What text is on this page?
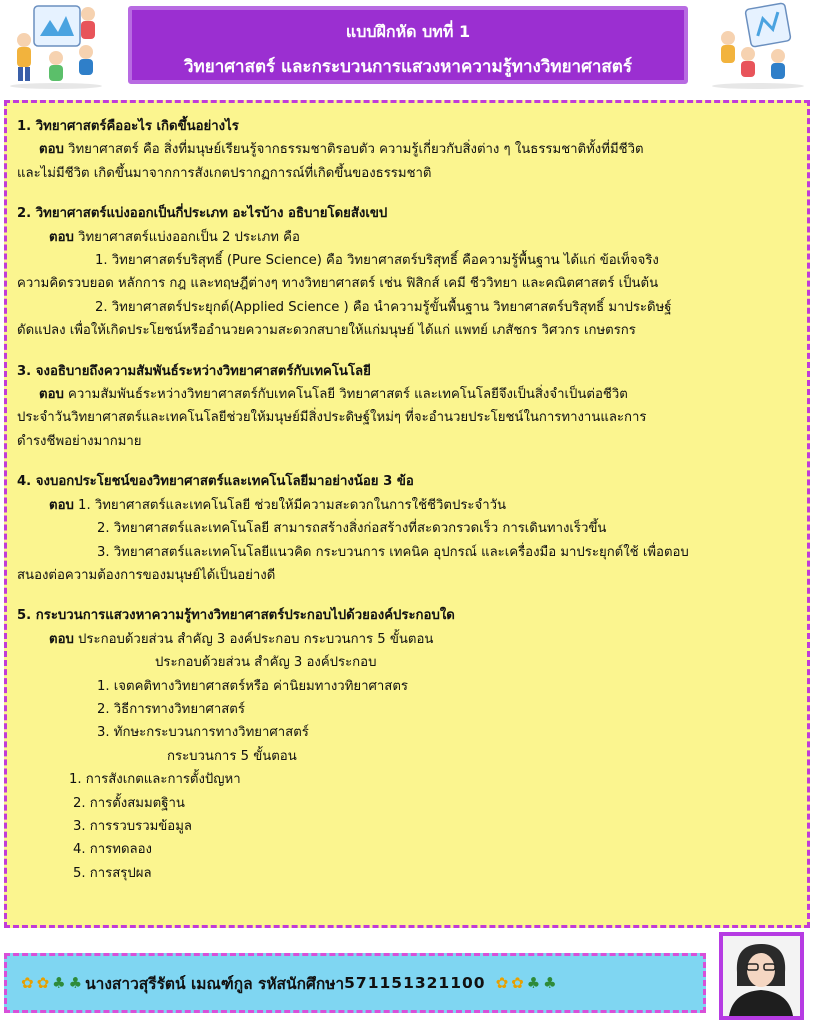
แบบฝึกหัด บทที่ 1
วิทยาศาสตร์ และกระบวนการแสวงหาความรู้ทางวิทยาศาสตร์
1. วิทยาศาสตร์คืออะไร เกิดขึ้นอย่างไร
ตอบ วิทยาศาสตร์ คือ สิ่งที่มนุษย์เรียนรู้จากธรรมชาติรอบตัว ความรู้เกี่ยวกับสิ่งต่าง ๆ ในธรรมชาติทั้งที่มีชีวิต
และไม่มีชีวิต เกิดขึ้นมาจากการสังเกตปรากฏการณ์ที่เกิดขึ้นของธรรมชาติ
2. วิทยาศาสตร์แบ่งออกเป็นกี่ประเภท อะไรบ้าง อธิบายโดยสังเขป
ตอบ วิทยาศาสตร์แบ่งออกเป็น 2 ประเภท คือ
1. วิทยาศาสตร์บริสุทธิ์ (Pure Science) คือ วิทยาศาสตร์บริสุทธิ์ คือความรู้พื้นฐาน ได้แก่ ข้อเท็จจริง
ความคิดรวบยอด หลักการ กฎ และทฤษฎีต่างๆ ทางวิทยาศาสตร์ เช่น ฟิสิกส์ เคมี ชีววิทยา และคณิตศาสตร์ เป็นต้น
2. วิทยาศาสตร์ประยุกต์(Applied Science ) คือ นำความรู้ขั้นพื้นฐาน วิทยาศาสตร์บริสุทธิ์ มาประดิษฐ์
ดัดแปลง เพื่อให้เกิดประโยชน์หรืออำนวยความสะดวกสบายให้แก่มนุษย์ ได้แก่ แพทย์ เภสัชกร วิศวกร เกษตรกร
3. จงอธิบายถึงความสัมพันธ์ระหว่างวิทยาศาสตร์กับเทคโนโลยี
ตอบ ความสัมพันธ์ระหว่างวิทยาศาสตร์กับเทคโนโลยี วิทยาศาสตร์ และเทคโนโลยีจึงเป็นสิ่งจำเป็นต่อชีวิต
ประจำวันวิทยาศาสตร์และเทคโนโลยีช่วยให้มนุษย์มีสิ่งประดิษฐ์ใหม่ๆ ที่จะอำนวยประโยชน์ในการทางานและการ
ดำรงชีพอย่างมากมาย
4. จงบอกประโยชน์ของวิทยาศาสตร์และเทคโนโลยีมาอย่างน้อย 3 ข้อ
ตอบ 1. วิทยาศาสตร์และเทคโนโลยี ช่วยให้มีความสะดวกในการใช้ชีวิตประจำวัน
2. วิทยาศาสตร์และเทคโนโลยี สามารถสร้างสิ่งก่อสร้างที่สะดวกรวดเร็ว การเดินทางเร็วขึ้น
3. วิทยาศาสตร์และเทคโนโลยีแนวคิด กระบวนการ เทคนิค อุปกรณ์ และเครื่องมือ มาประยุกต์ใช้ เพื่อตอบ
สนองต่อความต้องการของมนุษย์ได้เป็นอย่างดี
5. กระบวนการแสวงหาความรู้ทางวิทยาศาสตร์ประกอบไปด้วยองค์ประกอบใด
ตอบ ประกอบด้วยส่วน สำคัญ 3 องค์ประกอบ กระบวนการ 5 ขั้นตอน
ประกอบด้วยส่วน สำคัญ 3 องค์ประกอบ
1. เจตคติทางวิทยาศาสตร์หรือ ค่านิยมทางวทิยาศาสตร
2. วิธีการทางวิทยาศาสตร์
3. ทักษะกระบวนการทางวิทยาศาสตร์
กระบวนการ 5 ขั้นตอน
1. การสังเกตและการตั้งปัญหา
2. การตั้งสมมตฐิาน
3. การรวบรวมข้อมูล
4. การทดลอง
5. การสรุปผล
✿ ✿ ♣ ♣ นางสาวสุรีรัตน์ เมณฑ์กูล รหัสนักศึกษา 571151321100 ✿ ✿ ♣ ♣
